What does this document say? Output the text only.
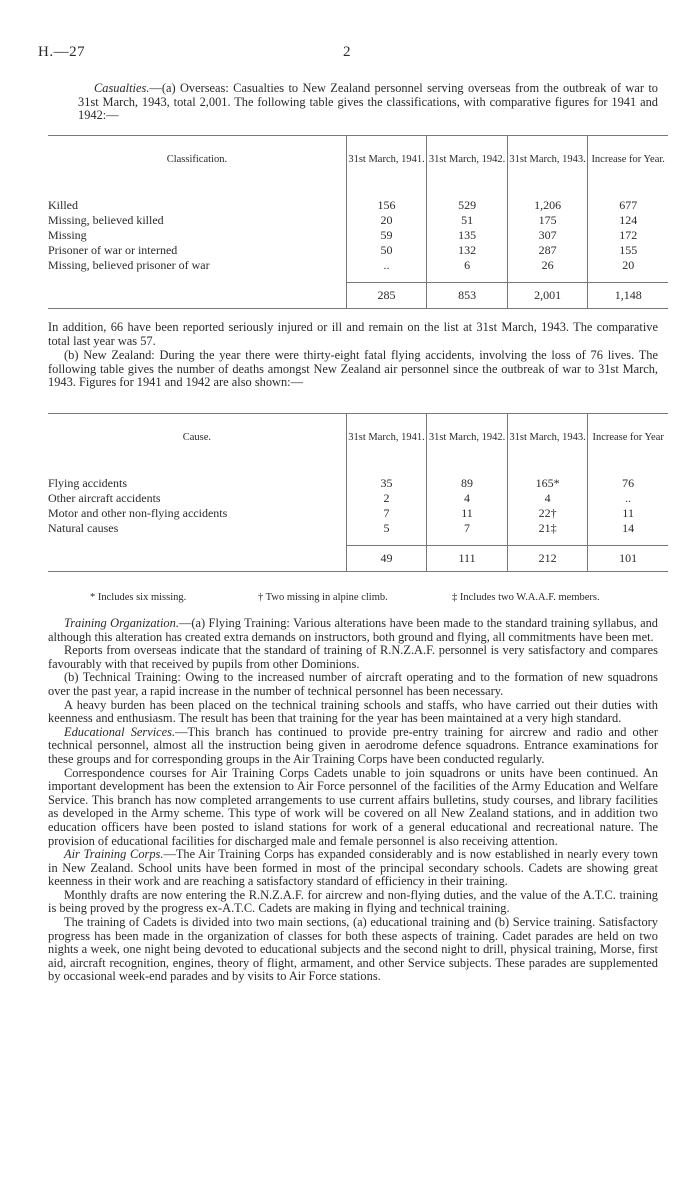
H.—27	2

Casualties.—(a) Overseas: Casualties to New Zealand personnel serving overseas from the outbreak of war to 31st March, 1943, total 2,001. The following table gives the classifications, with comparative figures for 1941 and 1942:—

Classification.	31st March, 1941.	31st March, 1942.	31st March, 1943.	Increase for Year.

Killed	156	529	1,206	677
Missing, believed killed	20	51	175	124
Missing	59	135	307	172
Prisoner of war or interned	50	132	287	155
Missing, believed prisoner of war	..	6	26	20

	285	853	2,001	1,148

In addition, 66 have been reported seriously injured or ill and remain on the list at 31st March, 1943. The comparative total last year was 57.

(b) New Zealand: During the year there were thirty-eight fatal flying accidents, involving the loss of 76 lives. The following table gives the number of deaths amongst New Zealand air personnel since the outbreak of war to 31st March, 1943. Figures for 1941 and 1942 are also shown:—

Cause.	31st March, 1941.	31st March, 1942.	31st March, 1943.	Increase for Year

Flying accidents	35	89	165*	76
Other aircraft accidents	2	4	4	..
Motor and other non-flying accidents	7	11	22†	11
Natural causes	5	7	21‡	14

	49	111	212	101
* Includes six missing.	† Two missing in alpine climb.	‡ Includes two W.A.A.F. members.

Training Organization.—(a) Flying Training: Various alterations have been made to the standard training syllabus, and although this alteration has created extra demands on instructors, both ground and flying, all commitments have been met.

Reports from overseas indicate that the standard of training of R.N.Z.A.F. personnel is very satisfactory and compares favourably with that received by pupils from other Dominions.

(b) Technical Training: Owing to the increased number of aircraft operating and to the formation of new squadrons over the past year, a rapid increase in the number of technical personnel has been necessary.

A heavy burden has been placed on the technical training schools and staffs, who have carried out their duties with keenness and enthusiasm. The result has been that training for the year has been maintained at a very high standard.

Educational Services.—This branch has continued to provide pre-entry training for aircrew and radio and other technical personnel, almost all the instruction being given in aerodrome defence squadrons. Entrance examinations for these groups and for corresponding groups in the Air Training Corps have been conducted regularly.

Correspondence courses for Air Training Corps Cadets unable to join squadrons or units have been continued. An important development has been the extension to Air Force personnel of the facilities of the Army Education and Welfare Service. This branch has now completed arrangements to use current affairs bulletins, study courses, and library facilities as developed in the Army scheme. This type of work will be covered on all New Zealand stations, and in addition two education officers have been posted to island stations for work of a general educational and recreational nature. The provision of educational facilities for discharged male and female personnel is also receiving attention.

Air Training Corps.—The Air Training Corps has expanded considerably and is now established in nearly every town in New Zealand. School units have been formed in most of the principal secondary schools. Cadets are showing great keenness in their work and are reaching a satisfactory standard of efficiency in their training.

Monthly drafts are now entering the R.N.Z.A.F. for aircrew and non-flying duties, and the value of the A.T.C. training is being proved by the progress ex-A.T.C. Cadets are making in flying and technical training.

The training of Cadets is divided into two main sections, (a) educational training and (b) Service training. Satisfactory progress has been made in the organization of classes for both these aspects of training. Cadet parades are held on two nights a week, one night being devoted to educational subjects and the second night to drill, physical training, Morse, first aid, aircraft recognition, engines, theory of flight, armament, and other Service subjects. These parades are supplemented by occasional week-end parades and by visits to Air Force stations.
